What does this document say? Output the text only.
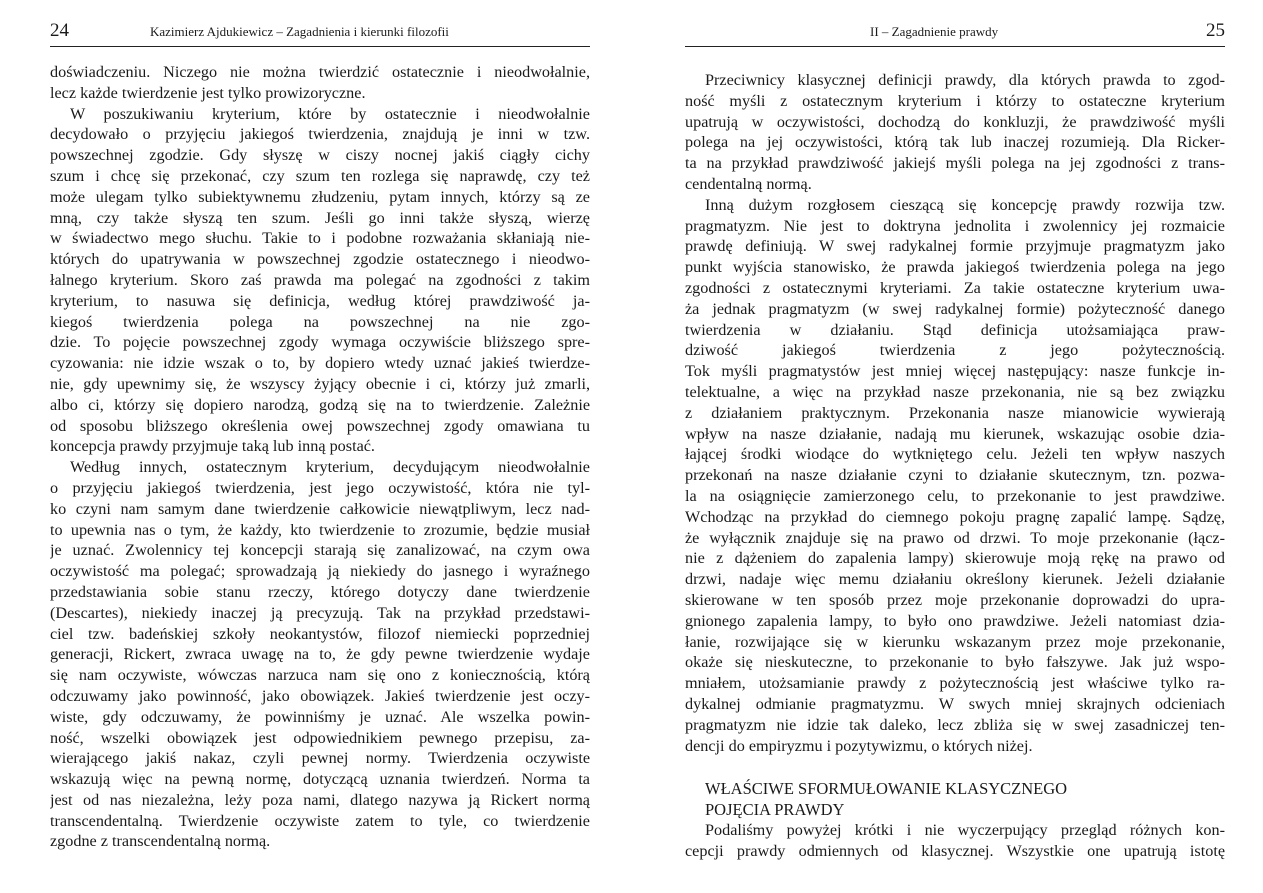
24	Kazimierz Ajdukiewicz – Zagadnienia i kierunki filozofii
doświadczeniu. Niczego nie można twierdzić ostatecznie i nieodwołalnie,
lecz każde twierdzenie jest tylko prowizoryczne.
W poszukiwaniu kryterium, które by ostatecznie i nieodwołalnie
decydowało o przyjęciu jakiegoś twierdzenia, znajdują je inni w tzw.
powszechnej zgodzie. Gdy słyszę w ciszy nocnej jakiś ciągły cichy
szum i chcę się przekonać, czy szum ten rozlega się naprawdę, czy też
może ulegam tylko subiektywnemu złudzeniu, pytam innych, którzy są ze
mną, czy także słyszą ten szum. Jeśli go inni także słyszą, wierzę
w świadectwo mego słuchu. Takie to i podobne rozważania skłaniają nie-
których do upatrywania w powszechnej zgodzie ostatecznego i nieodwo-
łalnego kryterium. Skoro zaś prawda ma polegać na zgodności z takim
kryterium, to nasuwa się definicja, według której prawdziwość ja-
kiegoś twierdzenia polega na powszechnej na nie zgo-
dzie. To pojęcie powszechnej zgody wymaga oczywiście bliższego spre-
cyzowania: nie idzie wszak o to, by dopiero wtedy uznać jakieś twierdze-
nie, gdy upewnimy się, że wszyscy żyjący obecnie i ci, którzy już zmarli,
albo ci, którzy się dopiero narodzą, godzą się na to twierdzenie. Zależnie
od sposobu bliższego określenia owej powszechnej zgody omawiana tu
koncepcja prawdy przyjmuje taką lub inną postać.
Według innych, ostatecznym kryterium, decydującym nieodwołalnie
o przyjęciu jakiegoś twierdzenia, jest jego oczywistość, która nie tyl-
ko czyni nam samym dane twierdzenie całkowicie niewątpliwym, lecz nad-
to upewnia nas o tym, że każdy, kto twierdzenie to zrozumie, będzie musiał
je uznać. Zwolennicy tej koncepcji starają się zanalizować, na czym owa
oczywistość ma polegać; sprowadzają ją niekiedy do jasnego i wyraźnego
przedstawiania sobie stanu rzeczy, którego dotyczy dane twierdzenie
(Descartes), niekiedy inaczej ją precyzują. Tak na przykład przedstawi-
ciel tzw. badeńskiej szkoły neokantystów, filozof niemiecki poprzedniej
generacji, Rickert, zwraca uwagę na to, że gdy pewne twierdzenie wydaje
się nam oczywiste, wówczas narzuca nam się ono z koniecznością, którą
odczuwamy jako powinność, jako obowiązek. Jakieś twierdzenie jest oczy-
wiste, gdy odczuwamy, że powinniśmy je uznać. Ale wszelka powin-
ność, wszelki obowiązek jest odpowiednikiem pewnego przepisu, za-
wierającego jakiś nakaz, czyli pewnej normy. Twierdzenia oczywiste
wskazują więc na pewną normę, dotyczącą uznania twierdzeń. Norma ta
jest od nas niezależna, leży poza nami, dlatego nazywa ją Rickert normą
transcendentalną. Twierdzenie oczywiste zatem to tyle, co twierdzenie
zgodne z transcendentalną normą.
II – Zagadnienie prawdy	25
Przeciwnicy klasycznej definicji prawdy, dla których prawda to zgod-
ność myśli z ostatecznym kryterium i którzy to ostateczne kryterium
upatrują w oczywistości, dochodzą do konkluzji, że prawdziwość myśli
polega na jej oczywistości, którą tak lub inaczej rozumieją. Dla Ricker-
ta na przykład prawdziwość jakiejś myśli polega na jej zgodności z trans-
cendentalną normą.
Inną dużym rozgłosem cieszącą się koncepcję prawdy rozwija tzw.
pragmatyzm. Nie jest to doktryna jednolita i zwolennicy jej rozmaicie
prawdę definiują. W swej radykalnej formie przyjmuje pragmatyzm jako
punkt wyjścia stanowisko, że prawda jakiegoś twierdzenia polega na jego
zgodności z ostatecznymi kryteriami. Za takie ostateczne kryterium uwa-
ża jednak pragmatyzm (w swej radykalnej formie) pożyteczność danego
twierdzenia w działaniu. Stąd definicja utożsamiająca praw-
dziwość jakiegoś twierdzenia z jego pożytecznością.
Tok myśli pragmatystów jest mniej więcej następujący: nasze funkcje in-
telektualne, a więc na przykład nasze przekonania, nie są bez związku
z działaniem praktycznym. Przekonania nasze mianowicie wywierają
wpływ na nasze działanie, nadają mu kierunek, wskazując osobie dzia-
łającej środki wiodące do wytkniętego celu. Jeżeli ten wpływ naszych
przekonań na nasze działanie czyni to działanie skutecznym, tzn. pozwa-
la na osiągnięcie zamierzonego celu, to przekonanie to jest prawdziwe.
Wchodząc na przykład do ciemnego pokoju pragnę zapalić lampę. Sądzę,
że wyłącznik znajduje się na prawo od drzwi. To moje przekonanie (łącz-
nie z dążeniem do zapalenia lampy) skierowuje moją rękę na prawo od
drzwi, nadaje więc memu działaniu określony kierunek. Jeżeli działanie
skierowane w ten sposób przez moje przekonanie doprowadzi do upra-
gnionego zapalenia lampy, to było ono prawdziwe. Jeżeli natomiast dzia-
łanie, rozwijające się w kierunku wskazanym przez moje przekonanie,
okaże się nieskuteczne, to przekonanie to było fałszywe. Jak już wspo-
mniałem, utożsamianie prawdy z pożytecznością jest właściwe tylko ra-
dykalnej odmianie pragmatyzmu. W swych mniej skrajnych odcieniach
pragmatyzm nie idzie tak daleko, lecz zbliża się w swej zasadniczej ten-
dencji do empiryzmu i pozytywizmu, o których niżej.
WŁAŚCIWE SFORMUŁOWANIE KLASYCZNEGO
POJĘCIA PRAWDY
Podaliśmy powyżej krótki i nie wyczerpujący przegląd różnych kon-
cepcji prawdy odmiennych od klasycznej. Wszystkie one upatrują istotę
